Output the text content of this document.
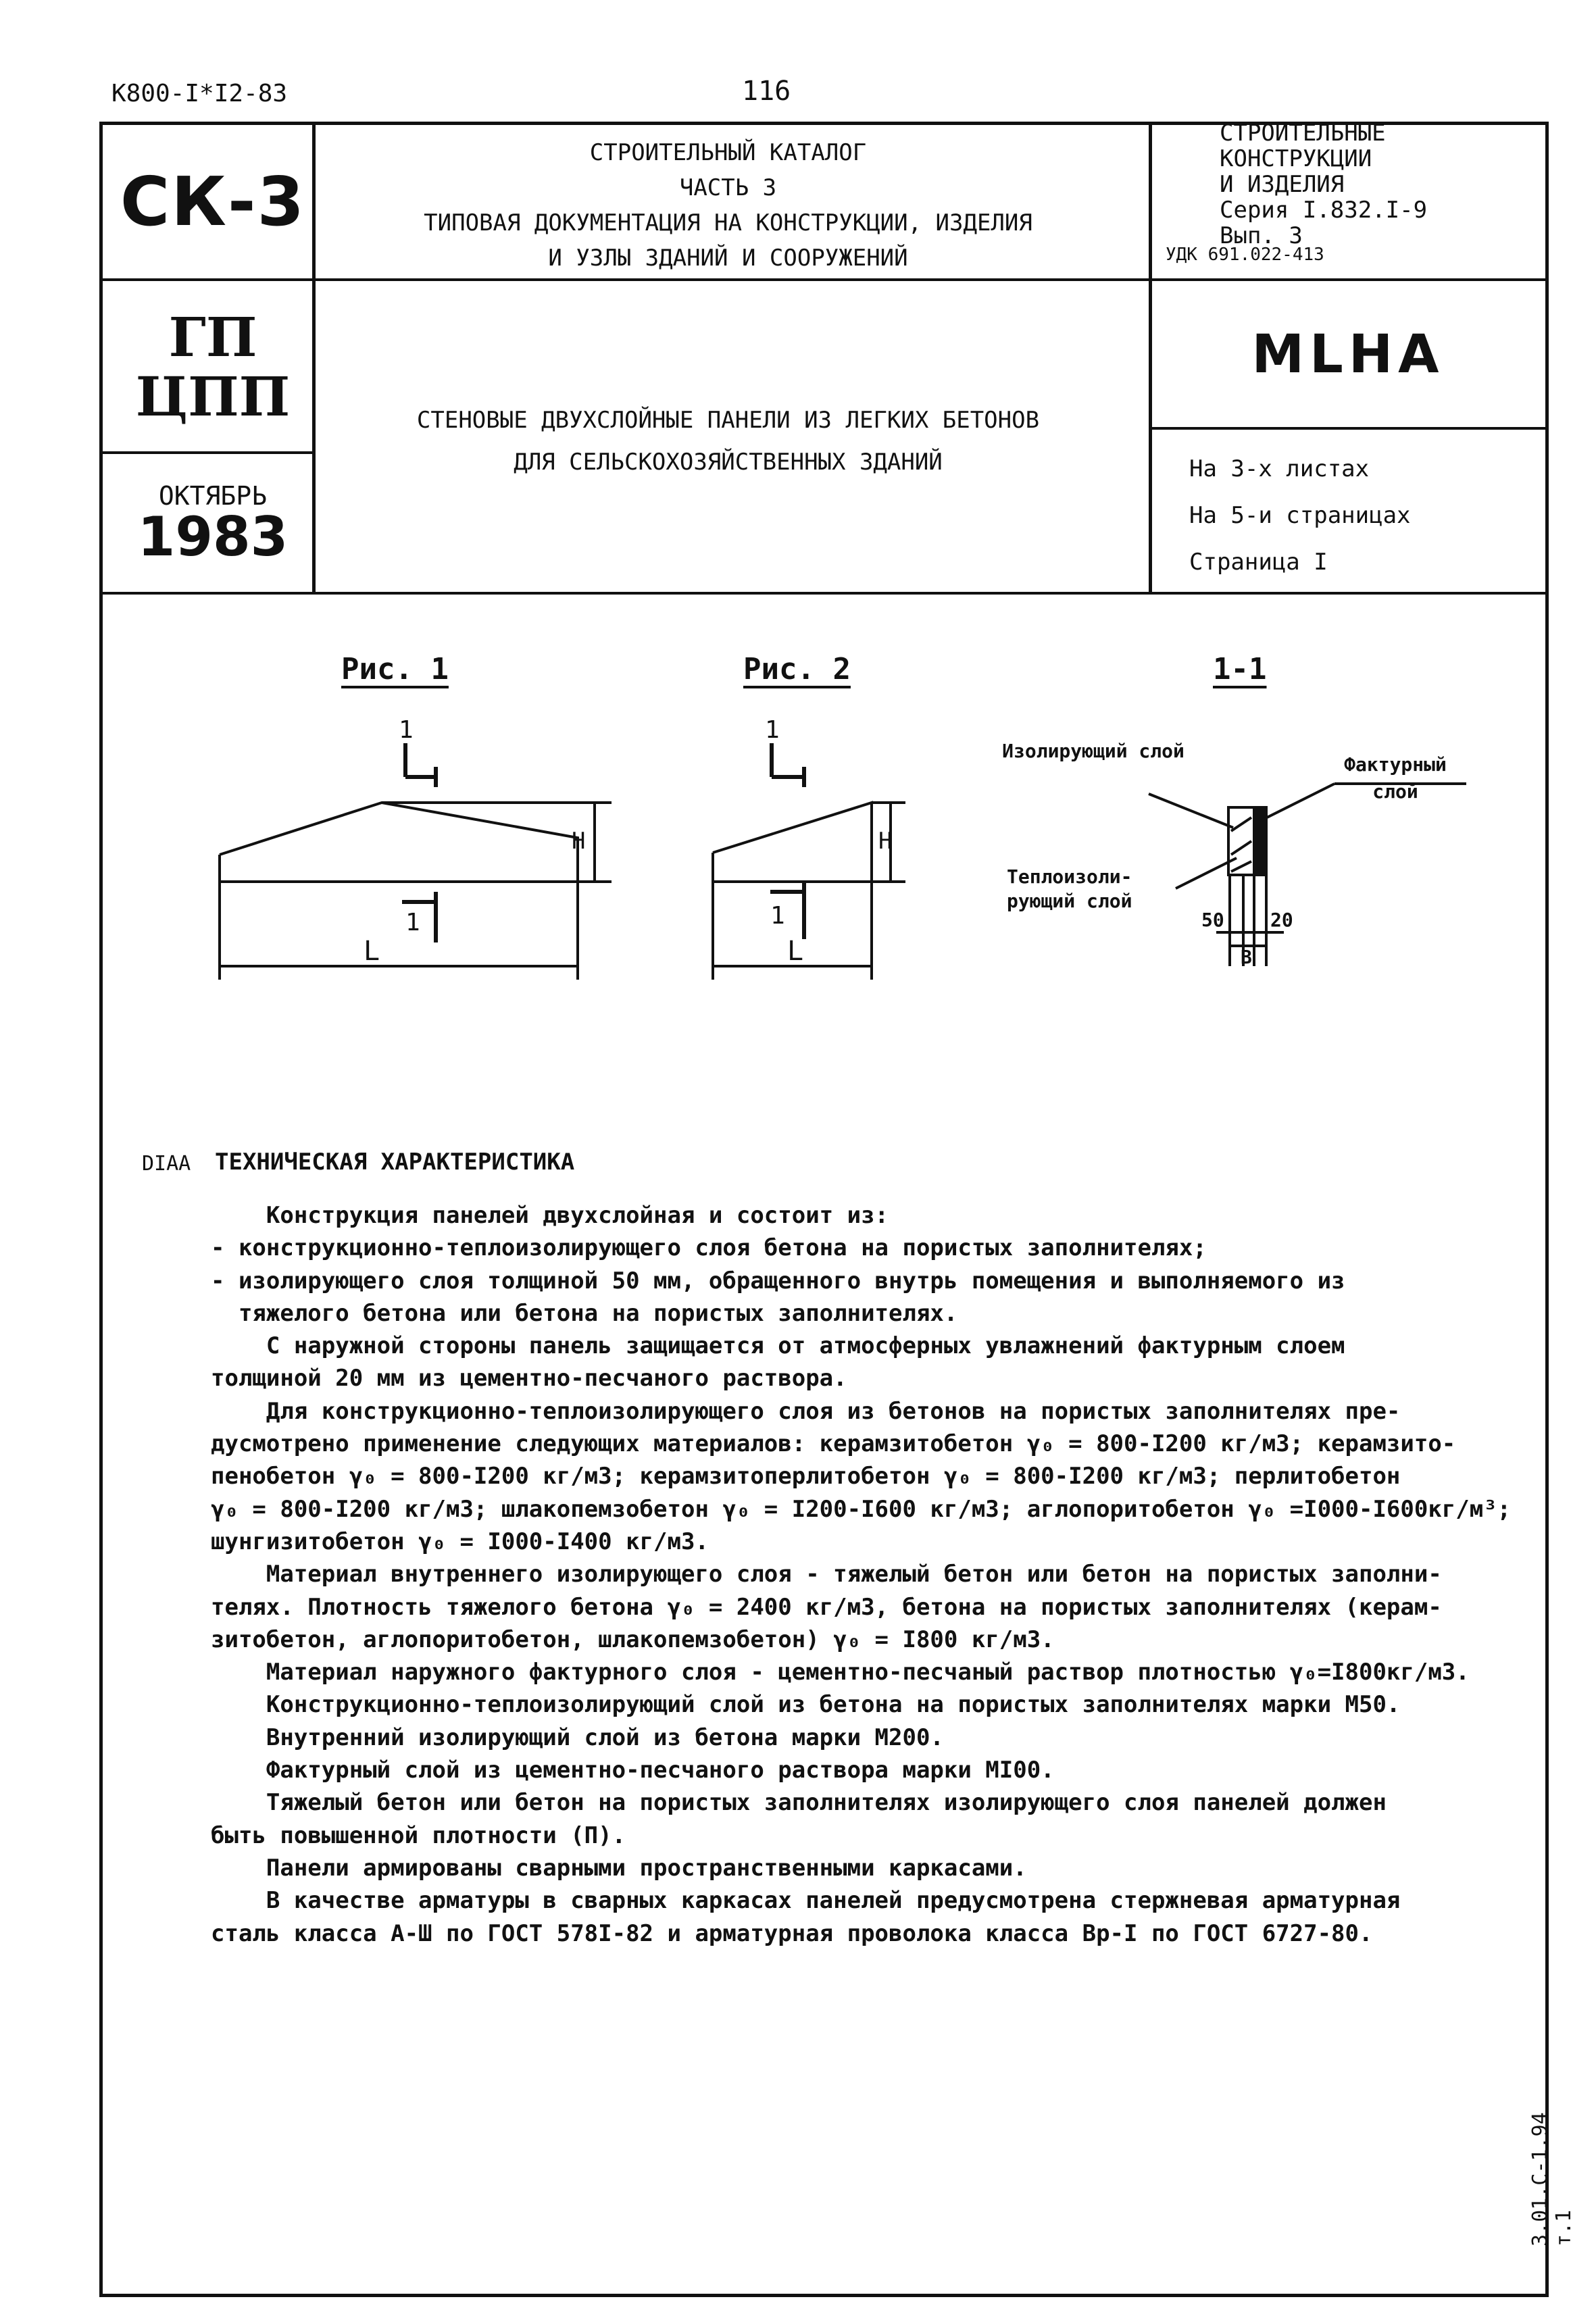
К800-I*I2-83	116
СК-3
ГП
ЦПП
ОКТЯБРЬ
1983
СТРОИТЕЛЬНЫЙ КАТАЛОГ
ЧАСТЬ 3
ТИПОВАЯ ДОКУМЕНТАЦИЯ НА КОНСТРУКЦИИ, ИЗДЕЛИЯ
И УЗЛЫ ЗДАНИЙ И СООРУЖЕНИЙ
СТЕНОВЫЕ ДВУХСЛОЙНЫЕ ПАНЕЛИ ИЗ ЛЕГКИХ БЕТОНОВ
ДЛЯ СЕЛЬСКОХОЗЯЙСТВЕННЫХ ЗДАНИЙ
СТРОИТЕЛЬНЫЕ
КОНСТРУКЦИИ
И ИЗДЕЛИЯ
Серия I.832.I-9
Вып. 3
УДК 691.022-413
MLHA
На 3-х листах
На 5-и страницах
Страница I
Рис. 1	Рис. 2	1-1
H
L
1
1
H
L
1
1
Изолирующий слой
Фактурный слой
Теплоизоли-
рующий слой
50 20
В
DIAA ТЕХНИЧЕСКАЯ ХАРАКТЕРИСТИКА
Конструкция панелей двухслойная и состоит из:
- конструкционно-теплоизолирующего слоя бетона на пористых заполнителях;
- изолирующего слоя толщиной 50 мм, обращенного внутрь помещения и выполняемого из
тяжелого бетона или бетона на пористых заполнителях.
С наружной стороны панель защищается от атмосферных увлажнений фактурным слоем
толщиной 20 мм из цементно-песчаного раствора.
Для конструкционно-теплоизолирующего слоя из бетонов на пористых заполнителях пре-
дусмотрено применение следующих материалов: керамзитобетон γ₀ = 800-I200 кг/м3; керамзито-
пенобетон γ₀ = 800-I200 кг/м3; керамзитоперлитобетон γ₀ = 800-I200 кг/м3; перлитобетон
γ₀ = 800-I200 кг/м3; шлакопемзобетон γ₀ = I200-I600 кг/м3; аглопоритобетон γ₀ =I000-I600кг/м³;
шунгизитобетон γ₀ = I000-I400 кг/м3.
Материал внутреннего изолирующего слоя - тяжелый бетон или бетон на пористых заполни-
телях. Плотность тяжелого бетона γ₀ = 2400 кг/м3, бетона на пористых заполнителях (керам-
зитобетон, аглопоритобетон, шлакопемзобетон) γ₀ = I800 кг/м3.
Материал наружного фактурного слоя - цементно-песчаный раствор плотностью γ₀=I800кг/м3.
Конструкционно-теплоизолирующий слой из бетона на пористых заполнителях марки М50.
Внутренний изолирующий слой из бетона марки М200.
Фактурный слой из цементно-песчаного раствора марки МI00.
Тяжелый бетон или бетон на пористых заполнителях изолирующего слоя панелей должен
быть повышенной плотности (П).
Панели армированы сварными пространственными каркасами.
В качестве арматуры в сварных каркасах панелей предусмотрена стержневая арматурная
сталь класса А-Ш по ГОСТ 578I-82 и арматурная проволока класса Вр-I по ГОСТ 6727-80.
3.01.С-1.94 т.1
